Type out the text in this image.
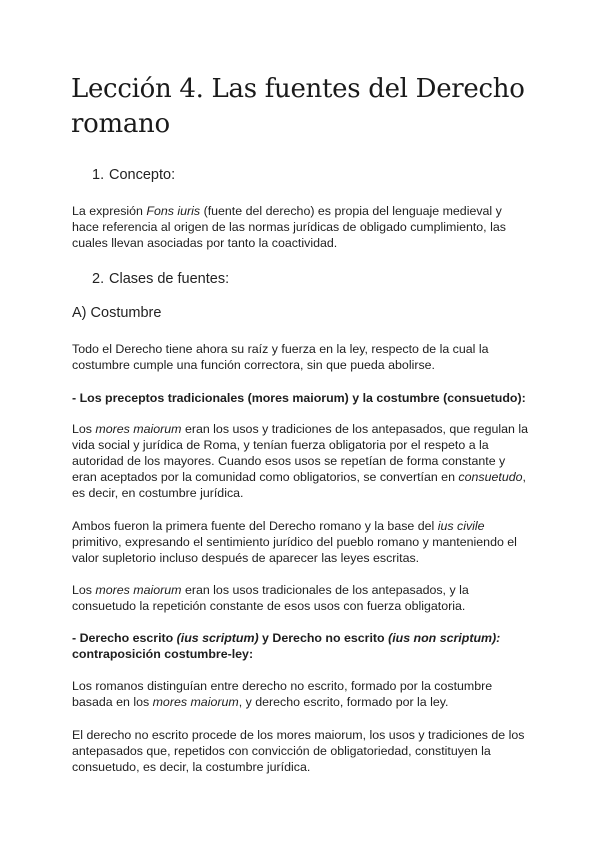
Lección 4. Las fuentes del Derecho romano
1. Concepto:

La expresión Fons iuris (fuente del derecho) es propia del lenguaje medieval y hace referencia al origen de las normas jurídicas de obligado cumplimiento, las cuales llevan asociadas por tanto la coactividad.

2. Clases de fuentes:
A) Costumbre

Todo el Derecho tiene ahora su raíz y fuerza en la ley, respecto de la cual la costumbre cumple una función correctora, sin que pueda abolirse.

- Los preceptos tradicionales (mores maiorum) y la costumbre (consuetudo):

Los mores maiorum eran los usos y tradiciones de los antepasados, que regulan la vida social y jurídica de Roma, y tenían fuerza obligatoria por el respeto a la autoridad de los mayores. Cuando esos usos se repetían de forma constante y eran aceptados por la comunidad como obligatorios, se convertían en consuetudo, es decir, en costumbre jurídica.

Ambos fueron la primera fuente del Derecho romano y la base del ius civile primitivo, expresando el sentimiento jurídico del pueblo romano y manteniendo el valor supletorio incluso después de aparecer las leyes escritas.

Los mores maiorum eran los usos tradicionales de los antepasados, y la consuetudo la repetición constante de esos usos con fuerza obligatoria.

- Derecho escrito (ius scriptum) y Derecho no escrito (ius non scriptum): contraposición costumbre-ley:

Los romanos distinguían entre derecho no escrito, formado por la costumbre basada en los mores maiorum, y derecho escrito, formado por la ley.

El derecho no escrito procede de los mores maiorum, los usos y tradiciones de los antepasados que, repetidos con convicción de obligatoriedad, constituyen la consuetudo, es decir, la costumbre jurídica.
